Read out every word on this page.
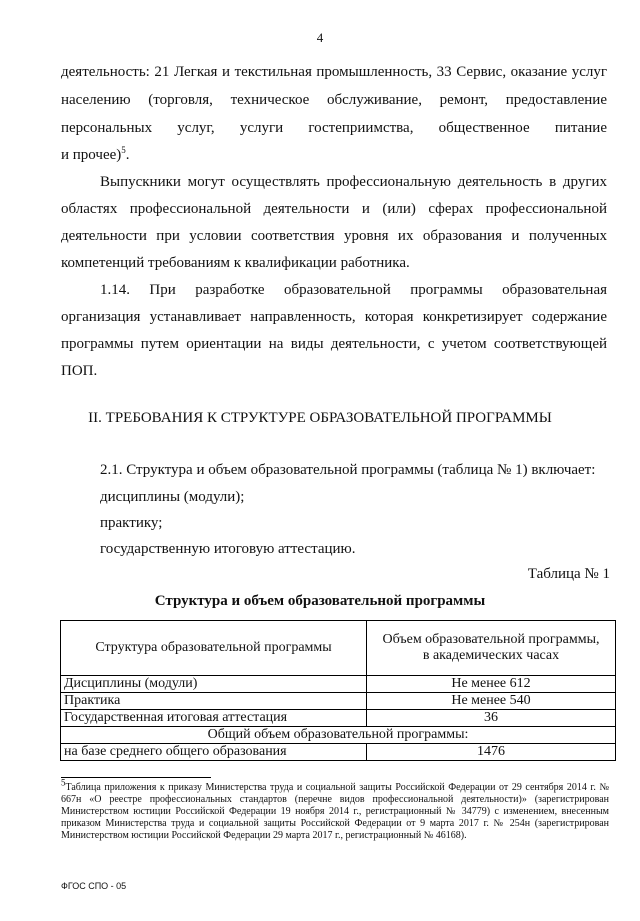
4
деятельность: 21 Легкая и текстильная промышленность, 33 Сервис, оказание услуг
населению (торговля, техническое обслуживание, ремонт, предоставление
персональных услуг, услуги гостеприимства, общественное питание
и прочее)$^5$.
Выпускники могут осуществлять профессиональную деятельность в других
областях профессиональной деятельности и (или) сферах профессиональной
деятельности при условии соответствия уровня их образования и полученных
компетенций требованиям к квалификации работника.
1.14. При разработке образовательной программы образовательная
организация устанавливает направленность, которая конкретизирует содержание
программы путем ориентации на виды деятельности, с учетом соответствующей
ПОП.
II. ТРЕБОВАНИЯ К СТРУКТУРЕ ОБРАЗОВАТЕЛЬНОЙ ПРОГРАММЫ
2.1. Структура и объем образовательной программы (таблица № 1) включает:
дисциплины (модули);
практику;
государственную итоговую аттестацию.
Таблица № 1
Структура и объем образовательной программы
Структура образовательной программы	Объем образовательной программы,
в академических часах

Дисциплины (модули)	Не менее 612
Практика	Не менее 540
Государственная итоговая аттестация	36
Общий объем образовательной программы:	
на базе среднего общего образования	1476
$^5$Таблица приложения к приказу Министерства труда и социальной защиты Российской Федерации от 29 сентября 2014 г. № 667н «О реестре профессиональных стандартов (перечне видов профессиональной деятельности)» (зарегистрирован Министерством юстиции Российской Федерации 19 ноября 2014 г., регистрационный № 34779) с изменением, внесенным приказом Министерства труда и социальной защиты Российской Федерации от 9 марта 2017 г. № 254н (зарегистрирован Министерством юстиции Российской Федерации 29 марта 2017 г., регистрационный № 46168).
ФГОС СПО - 05
